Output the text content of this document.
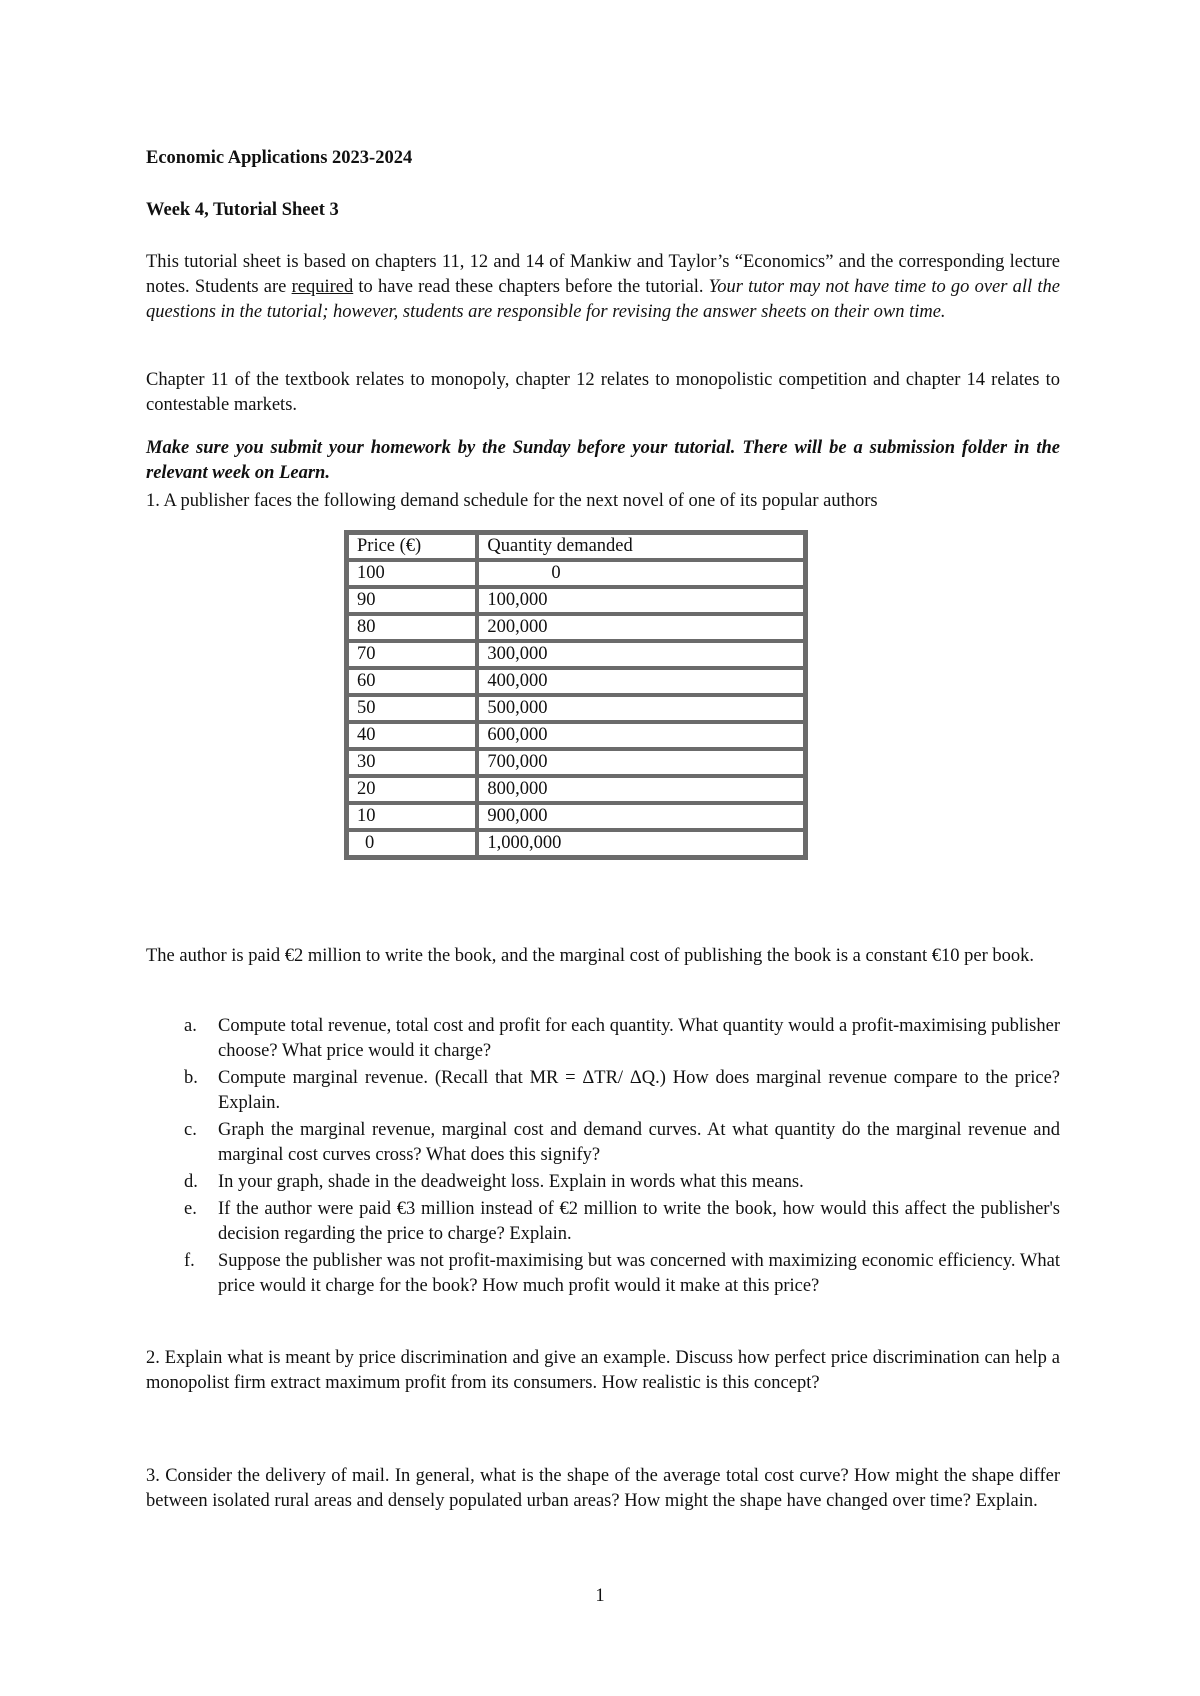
Economic Applications 2023-2024

Week 4, Tutorial Sheet 3

This tutorial sheet is based on chapters 11, 12 and 14 of Mankiw and Taylor’s “Economics” and the corresponding lecture notes. Students are required to have read these chapters before the tutorial. Your tutor may not have time to go over all the questions in the tutorial; however, students are responsible for revising the answer sheets on their own time.

Chapter 11 of the textbook relates to monopoly, chapter 12 relates to monopolistic competition and chapter 14 relates to contestable markets.

Make sure you submit your homework by the Sunday before your tutorial. There will be a submission folder in the relevant week on Learn.

1. A publisher faces the following demand schedule for the next novel of one of its popular authors

Price (€)	Quantity demanded
100	0
90	100,000
80	200,000
70	300,000
60	400,000
50	500,000
40	600,000
30	700,000
20	800,000
10	900,000
0	1,000,000

The author is paid €2 million to write the book, and the marginal cost of publishing the book is a constant €10 per book.

a. Compute total revenue, total cost and profit for each quantity. What quantity would a profit-maximising publisher choose? What price would it charge?
b. Compute marginal revenue. (Recall that MR = ΔTR/ ΔQ.) How does marginal revenue compare to the price? Explain.
c. Graph the marginal revenue, marginal cost and demand curves. At what quantity do the marginal revenue and marginal cost curves cross? What does this signify?
d. In your graph, shade in the deadweight loss. Explain in words what this means.
e. If the author were paid €3 million instead of €2 million to write the book, how would this affect the publisher's decision regarding the price to charge? Explain.
f. Suppose the publisher was not profit-maximising but was concerned with maximizing economic efficiency. What price would it charge for the book? How much profit would it make at this price?

2. Explain what is meant by price discrimination and give an example. Discuss how perfect price discrimination can help a monopolist firm extract maximum profit from its consumers. How realistic is this concept?

3. Consider the delivery of mail. In general, what is the shape of the average total cost curve? How might the shape differ between isolated rural areas and densely populated urban areas? How might the shape have changed over time? Explain.

1
